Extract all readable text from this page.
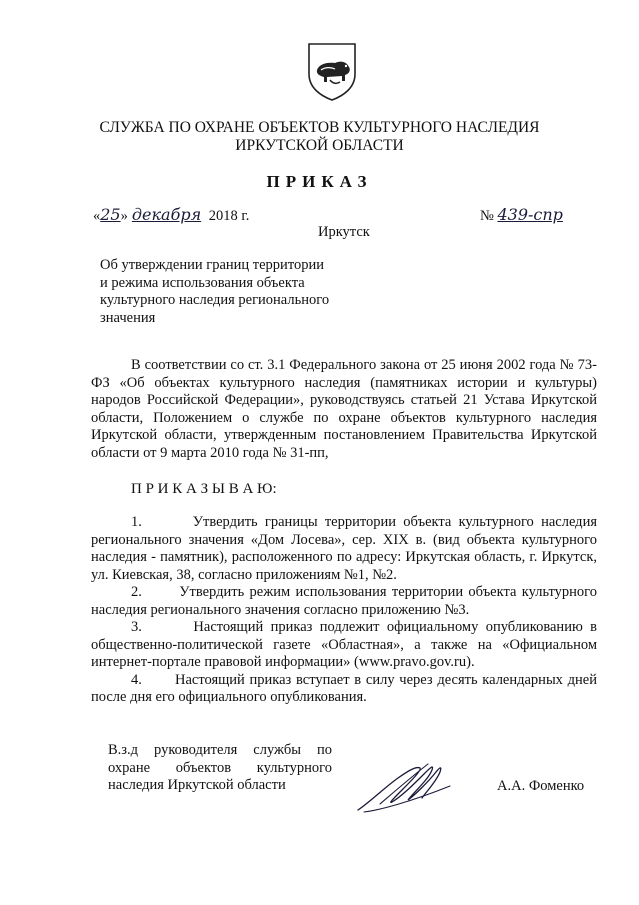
СЛУЖБА ПО ОХРАНЕ ОБЪЕКТОВ КУЛЬТУРНОГО НАСЛЕДИЯ
ИРКУТСКОЙ ОБЛАСТИ
ПРИКАЗ
«25» декабря 2018 г.	№ 439-спр
Иркутск

Об утверждении границ территории

и режима использования объекта

культурного наследия регионального

значения

В соответствии со ст. 3.1 Федерального закона от 25 июня 2002 года № 73-ФЗ «Об объектах культурного наследия (памятниках истории и культуры) народов Российской Федерации», руководствуясь статьей 21 Устава Иркутской области, Положением о службе по охране объектов культурного наследия Иркутской области, утвержденным постановлением Правительства Иркутской области от 9 марта 2010 года № 31-пп,
П Р И К А З Ы В А Ю:

1.	Утвердить границы территории объекта культурного наследия регионального значения «Дом Лосева», сер. XIX в. (вид объекта культурного наследия - памятник), расположенного по адресу: Иркутская область, г. Иркутск, ул. Киевская, 38, согласно приложениям №1, №2.

2.	Утвердить режим использования территории объекта культурного наследия регионального значения согласно приложению №3.

3.	Настоящий приказ подлежит официальному опубликованию в общественно-политической газете «Областная», а также на «Официальном интернет-портале правовой информации» (www.pravo.gov.ru).

4. Настоящий приказ вступает в силу через десять календарных дней после дня его официального опубликования.

В.з.д руководителя службы по
охране объектов культурного
наследия Иркутской области	А.А. Фоменко
